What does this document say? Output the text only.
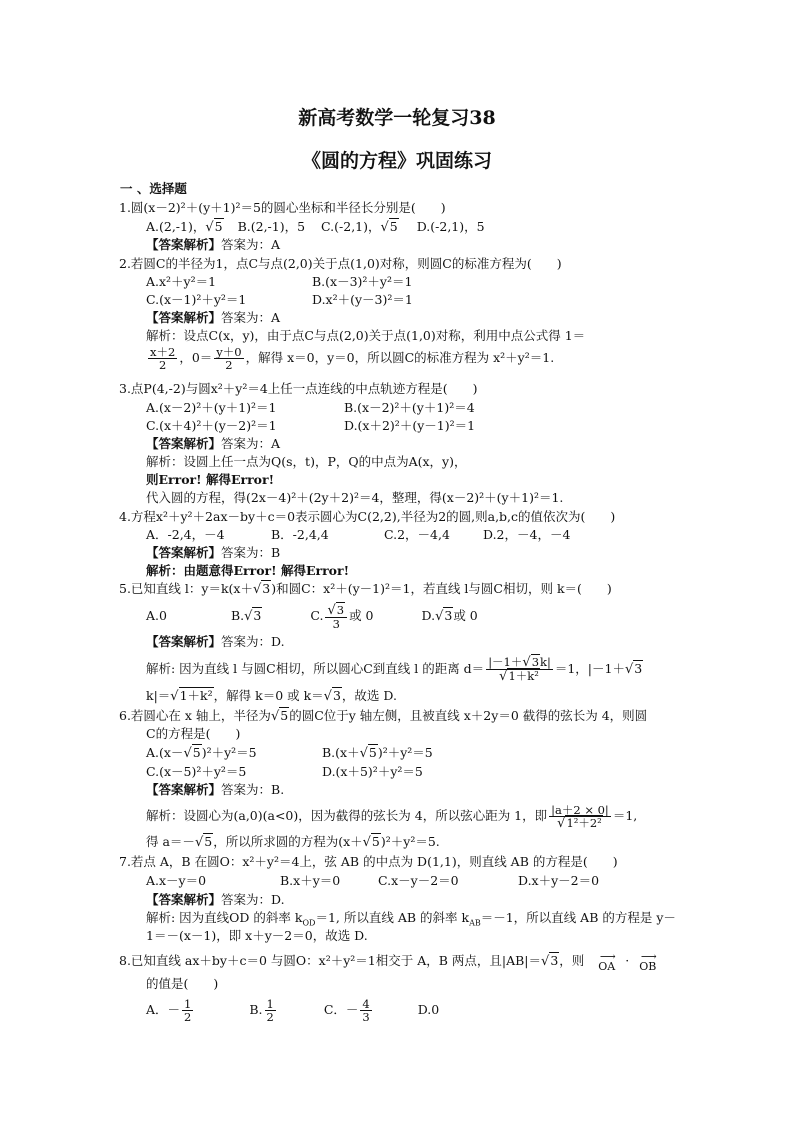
新高考数学一轮复习38
《圆的方程》巩固练习
一 、选择题
1.圆(x－2)²＋(y＋1)²＝5的圆心坐标和半径长分别是(　　)
A.(2,-1)，√5 B.(2,-1)，5 C.(-2,1)，√5 D.(-2,1)，5
【答案解析】答案为：A
2.若圆C的半径为1，点C与点(2,0)关于点(1,0)对称，则圆C的标准方程为(　　)
A.x²＋y²＝1	B.(x－3)²＋y²＝1
C.(x－1)²＋y²＝1	D.x²＋(y－3)²＝1
【答案解析】答案为：A
解析：设点C(x，y)，由于点C与点(2,0)关于点(1,0)对称，利用中点公式得 1＝
$\frac{x+2}{2}$ ，$0= \frac{y+0}{2}$ ，解得 x＝0，y＝0，所以圆C的标准方程为 x²＋y²＝1.
3.点P(4,-2)与圆x²＋y²＝4上任一点连线的中点轨迹方程是(　　)
A.(x－2)²＋(y＋1)²＝1	B.(x－2)²＋(y＋1)²＝4
C.(x＋4)²＋(y－2)²＝1	D.(x＋2)²＋(y－1)²＝1
【答案解析】答案为：A
解析：设圆上任一点为Q(s，t)，P，Q的中点为A(x，y)，
则Error! 解得Error!
代入圆的方程，得(2x－4)²＋(2y＋2)²＝4，整理，得(x－2)²＋(y＋1)²＝1.
4.方程x²＋y²＋2ax－by＋c＝0表示圆心为C(2,2),半径为2的圆,则a,b,c的值依次为(　　)
A．-2,4，－4	B．-2,4,4	C.2，－4,4	D.2，－4，－4
【答案解析】答案为：B
解析：由题意得Error! 解得Error!
5.已知直线 l：y＝k(x＋√3)和圆C：x²＋(y－1)²＝1，若直线 l与圆C相切，则 k＝(　　)
A.0	B.√3	C. $\frac{√3}{3}$ 或 0	D.√3或 0
【答案解析】答案为：D.
解析: 因为直线 l 与圆C相切，所以圆心C到直线 l 的距离 $d= \frac{|-1+√3k|}{\text{√1＋k²}} =1$，|－1＋√3
k|＝√1＋k²，解得 k＝0 或 k＝√3，故选 D.
6.若圆心在 x 轴上，半径为√5的圆C位于y 轴左侧，且被直线 x＋2y＝0 截得的弦长为 4，则圆
C的方程是(　　)
A.(x－√5)²＋y²＝5	B.(x＋√5)²＋y²＝5
C.(x－5)²＋y²＝5	D.(x＋5)²＋y²＝5
【答案解析】答案为：B.
解析：设圆心为(a,0)(a<0)，因为截得的弦长为 4，所以弦心距为 1，即 $\frac{|a+2 \times 0|}{\text{√1²＋2²}} =1$,
得 a＝－√5，所以所求圆的方程为(x＋√5)²＋y²＝5.
7.若点 A，B 在圆O：x²＋y²＝4上，弦 AB 的中点为 D(1,1)，则直线 AB 的方程是(　　)
A.x－y＝0	B.x＋y＝0	C.x－y－2＝0	D.x＋y－2＝0
【答案解析】答案为：D.
解析: 因为直线OD 的斜率 $k_{OD}=1$, 所以直线 AB 的斜率 $k_{AB}=-1$，所以直线 AB 的方程是 y－
1＝－(x－1)，即 x＋y－2＝0，故选 D.
8.已知直线 ax＋by＋c＝0 与圆O：x²＋y²＝1相交于 A，B 两点，且|AB|＝√3，则 ⟶
OA · ⟶
OB
的值是(　　)
A．－ $\frac{1}{2}$	B. $\frac{1}{2}$	C．－ $\frac{4}{3}$	D.0
